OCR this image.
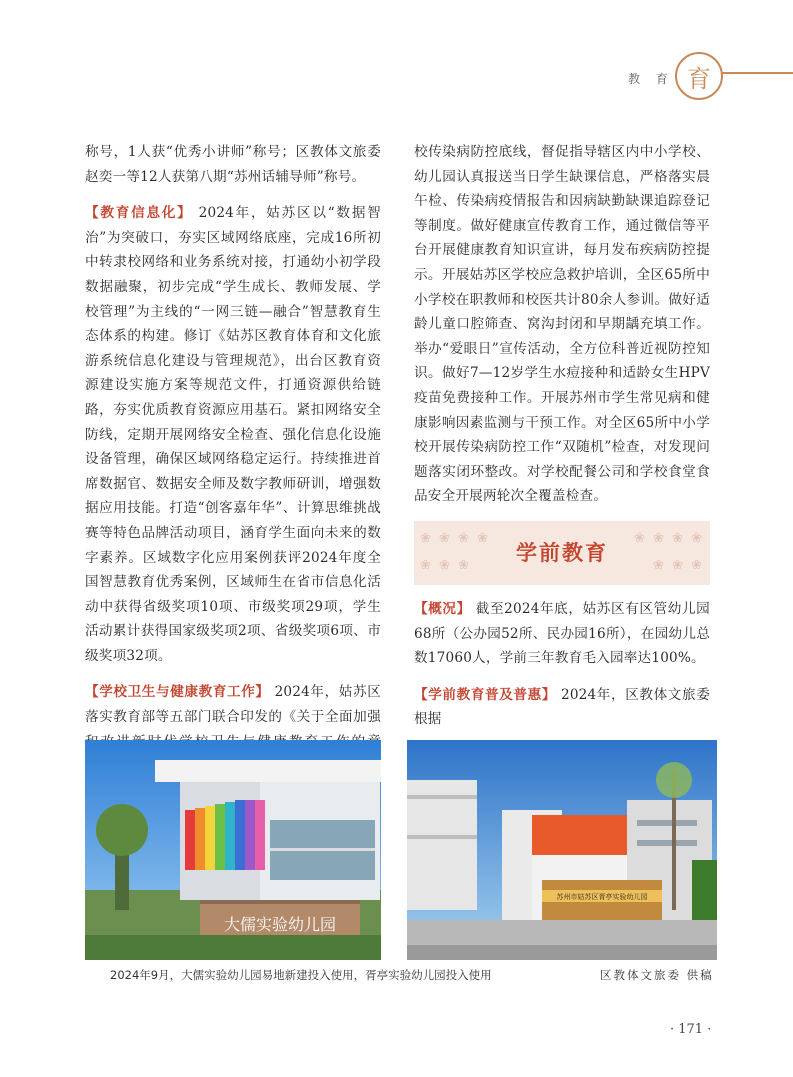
教 育 育

称号，1人获“优秀小讲师”称号；区教体文旅委赵奕一等12人获第八期“苏州话辅导师”称号。

【教育信息化】 2024年，姑苏区以“数据智治”为突破口，夯实区域网络底座，完成16所初中转隶校网络和业务系统对接，打通幼小初学段数据融聚，初步完成“学生成长、教师发展、学校管理”为主线的“一网三链—融合”智慧教育生态体系的构建。修订《姑苏区教育体育和文化旅游系统信息化建设与管理规范》，出台区教育资源建设实施方案等规范文件，打通资源供给链路，夯实优质教育资源应用基石。紧扣网络安全防线，定期开展网络安全检查、强化信息化设施设备管理，确保区域网络稳定运行。持续推进首席数据官、数据安全师及数字教师研训，增强数据应用技能。打造“创客嘉年华”、计算思维挑战赛等特色品牌活动项目，涵育学生面向未来的数字素养。区域数字化应用案例获评2024年度全国智慧教育优秀案例，区域师生在省市信息化活动中获得省级奖项10项、市级奖项29项，学生活动累计获得国家级奖项2项、省级奖项6项、市级奖项32项。

【学校卫生与健康教育工作】 2024年，姑苏区落实教育部等五部门联合印发的《关于全面加强

校传染病防控底线，督促指导辖区内中小学校、幼儿园认真报送当日学生缺课信息，严格落实晨午检、传染病疫情报告和因病缺勤缺课追踪登记等制度。做好健康宣传教育工作，通过微信等平台开展健康教育知识宣讲，每月发布疾病防控提示。开展姑苏区学校应急救护培训，全区65所中小学校在职教师和校医共计80余人参训。做好适龄儿童口腔筛查、窝沟封闭和早期龋充填工作。举办“爱眼日”宣传活动，全方位科普近视防控知识。做好7—12岁学生水痘接种和适龄女生HPV疫苗免费接种工作。开展苏州市学生常见病和健康影响因素监测与干预工作。对全区65所中小学校开展传染病防控工作“双随机”检查，对发现问题落实闭环整改。对学校配餐公司和学校食堂食品安全开展两轮次全覆盖检查。

❀ ❀ ❀ ❀	❀ ❀ ❀ ❀
❀ ❀ ❀	❀ ❀ ❀
学前教育

【概况】 截至2024年底，姑苏区有区管幼儿园68所（公办园52所、民办园16所），在园幼儿总数17060人，学前三年教育毛入园率达100%。

【学前教育普及普惠】 2024年，区教体文旅委根据

大儒实验幼儿园
苏州市姑苏区胥亭实验幼儿园
2024年9月，大儒实验幼儿园易地新建投入使用，胥亭实验幼儿园投入使用	区教体文旅委 供稿
· 171 ·
